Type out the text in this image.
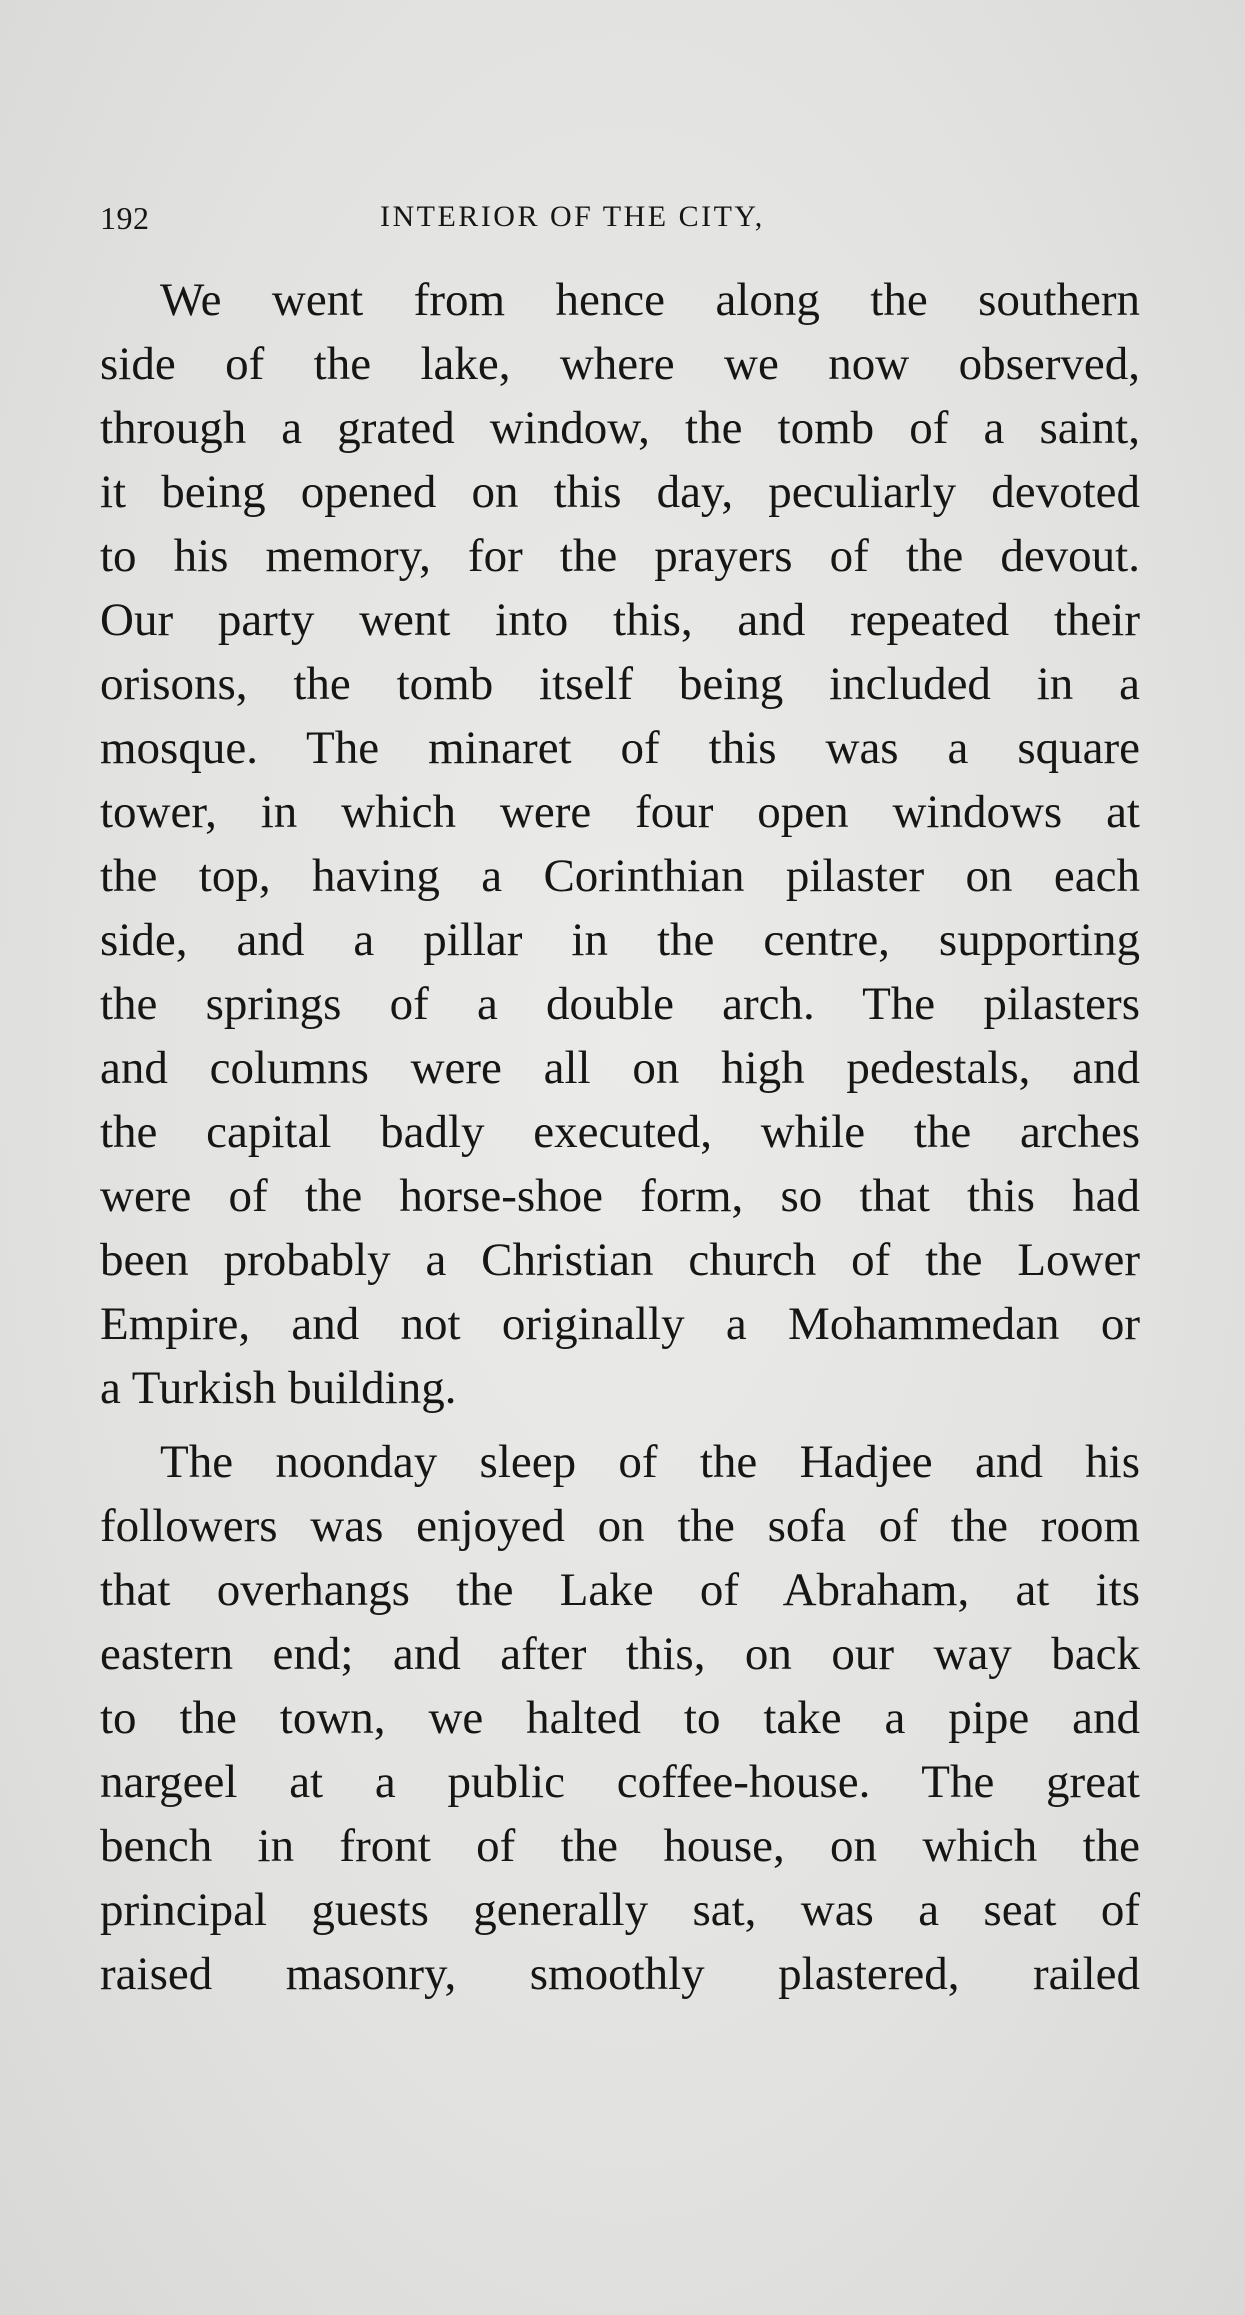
192	INTERIOR OF THE CITY,
We went from hence along the southern
side of the lake, where we now observed,
through a grated window, the tomb of a saint,
it being opened on this day, peculiarly devoted
to his memory, for the prayers of the devout.
Our party went into this, and repeated their
orisons, the tomb itself being included in a
mosque. The minaret of this was a square
tower, in which were four open windows at
the top, having a Corinthian pilaster on each
side, and a pillar in the centre, supporting
the springs of a double arch. The pilasters
and columns were all on high pedestals, and
the capital badly executed, while the arches
were of the horse-shoe form, so that this had
been probably a Christian church of the Lower
Empire, and not originally a Mohammedan or
a Turkish building.
The noonday sleep of the Hadjee and his
followers was enjoyed on the sofa of the room
that overhangs the Lake of Abraham, at its
eastern end; and after this, on our way back
to the town, we halted to take a pipe and
nargeel at a public coffee-house. The great
bench in front of the house, on which the
principal guests generally sat, was a seat of
raised masonry, smoothly plastered, railed
